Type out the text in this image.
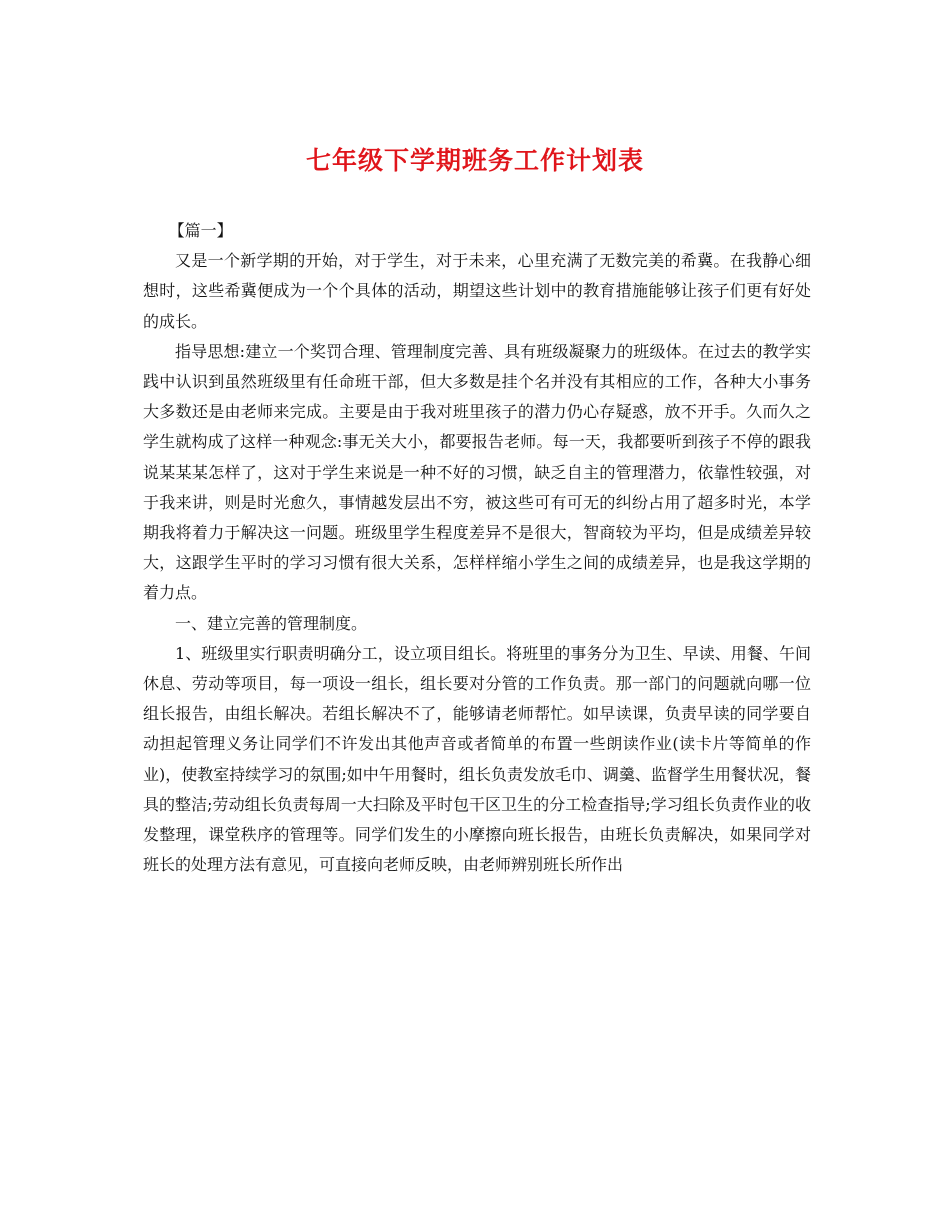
七年级下学期班务工作计划表

【篇一】

又是一个新学期的开始，对于学生，对于未来，心里充满了无数完美的希冀。在我静心细想时，这些希冀便成为一个个具体的活动，期望这些计划中的教育措施能够让孩子们更有好处的成长。

指导思想:建立一个奖罚合理、管理制度完善、具有班级凝聚力的班级体。在过去的教学实践中认识到虽然班级里有任命班干部，但大多数是挂个名并没有其相应的工作，各种大小事务大多数还是由老师来完成。主要是由于我对班里孩子的潜力仍心存疑惑，放不开手。久而久之学生就构成了这样一种观念:事无关大小，都要报告老师。每一天，我都要听到孩子不停的跟我说某某某怎样了，这对于学生来说是一种不好的习惯，缺乏自主的管理潜力，依靠性较强，对于我来讲，则是时光愈久，事情越发层出不穷，被这些可有可无的纠纷占用了超多时光，本学期我将着力于解决这一问题。班级里学生程度差异不是很大，智商较为平均，但是成绩差异较大，这跟学生平时的学习习惯有很大关系，怎样样缩小学生之间的成绩差异，也是我这学期的着力点。

一、建立完善的管理制度。

1、班级里实行职责明确分工，设立项目组长。将班里的事务分为卫生、早读、用餐、午间休息、劳动等项目，每一项设一组长，组长要对分管的工作负责。那一部门的问题就向哪一位组长报告，由组长解决。若组长解决不了，能够请老师帮忙。如早读课，负责早读的同学要自动担起管理义务让同学们不许发出其他声音或者简单的布置一些朗读作业(读卡片等简单的作业)，使教室持续学习的氛围;如中午用餐时，组长负责发放毛巾、调羹、监督学生用餐状况，餐具的整洁;劳动组长负责每周一大扫除及平时包干区卫生的分工检查指导;学习组长负责作业的收发整理，课堂秩序的管理等。同学们发生的小摩擦向班长报告，由班长负责解决，如果同学对班长的处理方法有意见，可直接向老师反映，由老师辨别班长所作出
